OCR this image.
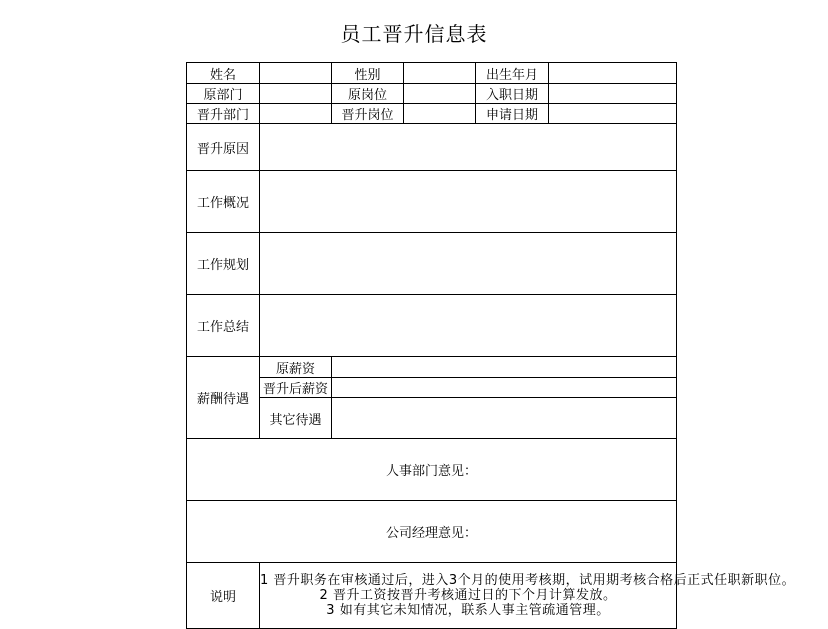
员工晋升信息表
姓名		性别		出生年月	
原部门		原岗位		入职日期	
晋升部门		晋升岗位		申请日期	
晋升原因					
工作概况					
工作规划					
工作总结					
薪酬待遇	原薪资				
	晋升后薪资				
	其它待遇				
人事部门意见：					
公司经理意见：					
说明	1 晋升职务在审核通过后，进入3个月的使用考核期，试用期考核合格后正式任职新职位。
2 晋升工资按晋升考核通过日的下个月计算发放。
3 如有其它未知情况，联系人事主管疏通管理。				
